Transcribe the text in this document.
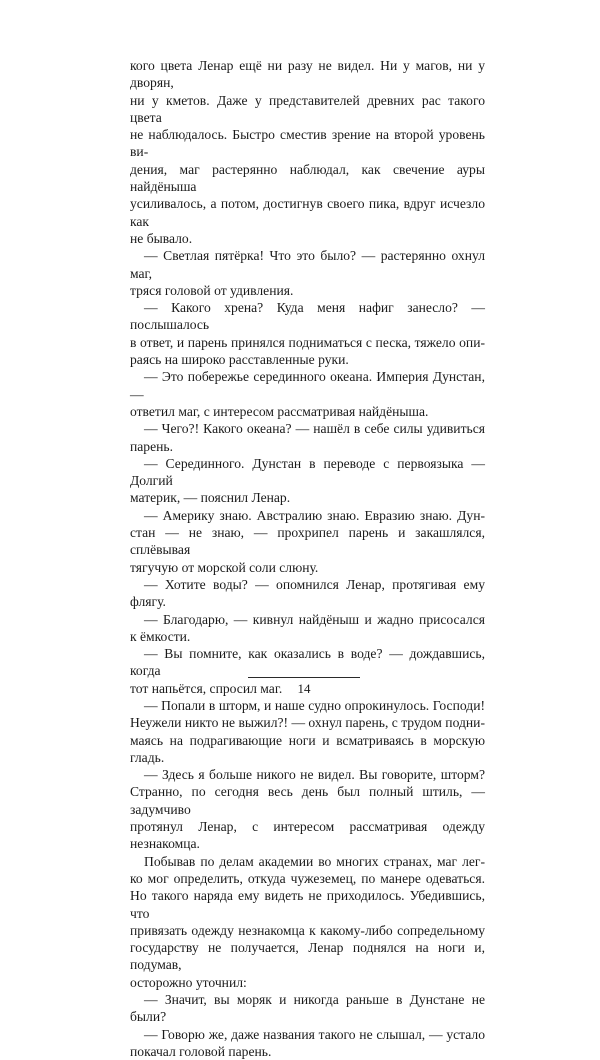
кого цвета Ленар ещё ни разу не видел. Ни у магов, ни у дворян,
ни у кметов. Даже у представителей древних рас такого цвета
не наблюдалось. Быстро сместив зрение на второй уровень ви-
дения, маг растерянно наблюдал, как свечение ауры найдёныша
усиливалось, а потом, достигнув своего пика, вдруг исчезло как
не бывало.
— Светлая пятёрка! Что это было? — растерянно охнул маг,
тряся головой от удивления.
— Какого хрена? Куда меня нафиг занесло? — послышалось
в ответ, и парень принялся подниматься с песка, тяжело опи-
раясь на широко расставленные руки.
— Это побережье серединного океана. Империя Дунстан, —
ответил маг, с интересом рассматривая найдёныша.
— Чего?! Какого океана? — нашёл в себе силы удивиться
парень.
— Серединного. Дунстан в переводе с первоязыка — Долгий
материк, — пояснил Ленар.
— Америку знаю. Австралию знаю. Евразию знаю. Дун-
стан — не знаю, — прохрипел парень и закашлялся, сплёвывая
тягучую от морской соли слюну.
— Хотите воды? — опомнился Ленар, протягивая ему флягу.
— Благодарю, — кивнул найдёныш и жадно присосался
к ёмкости.
— Вы помните, как оказались в воде? — дождавшись, когда
тот напьётся, спросил маг.
— Попали в шторм, и наше судно опрокинулось. Господи!
Неужели никто не выжил?! — охнул парень, с трудом подни-
маясь на подрагивающие ноги и всматриваясь в морскую гладь.
— Здесь я больше никого не видел. Вы говорите, шторм?
Странно, по сегодня весь день был полный штиль, — задумчиво
протянул Ленар, с интересом рассматривая одежду незнакомца.
Побывав по делам академии во многих странах, маг лег-
ко мог определить, откуда чужеземец, по манере одеваться.
Но такого наряда ему видеть не приходилось. Убедившись, что
привязать одежду незнакомца к какому-либо сопредельному
государству не получается, Ленар поднялся на ноги и, подумав,
осторожно уточнил:
— Значит, вы моряк и никогда раньше в Дунстане не были?
— Говорю же, даже названия такого не слышал, — устало
покачал головой парень.
14
